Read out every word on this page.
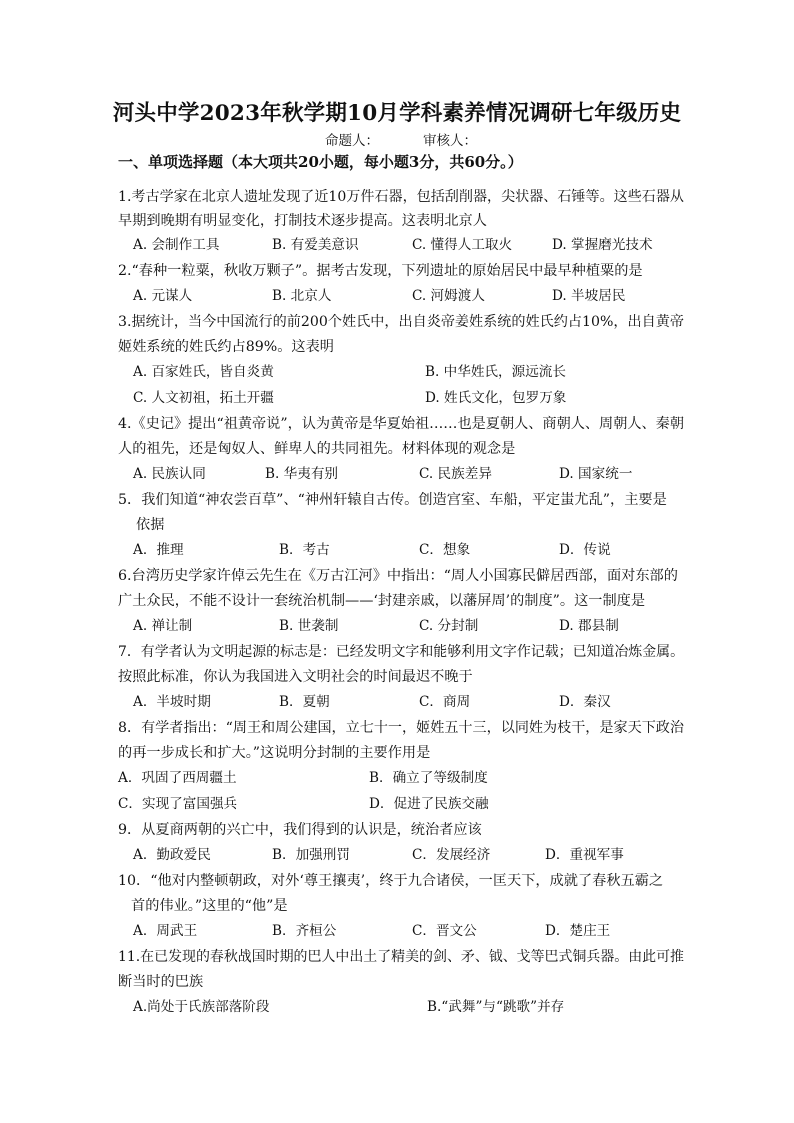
河头中学2023年秋学期10月学科素养情况调研七年级历史
命题人：	审核人：
一、单项选择题（本大项共20小题，每小题3分，共60分。）
1.考古学家在北京人遗址发现了近10万件石器，包括刮削器，尖状器、石锤等。这些石器从
早期到晚期有明显变化，打制技术逐步提高。这表明北京人
A. 会制作工具	B. 有爱美意识	C. 懂得人工取火	D. 掌握磨光技术
2.“春种一粒粟，秋收万颗子”。据考古发现，下列遗址的原始居民中最早种植粟的是
A. 元谋人	B. 北京人	C. 河姆渡人	D. 半坡居民
3.据统计，当今中国流行的前200个姓氏中，出自炎帝姜姓系统的姓氏约占10%，出自黄帝
姬姓系统的姓氏约占89%。这表明
A. 百家姓氏，皆自炎黄	B. 中华姓氏，源远流长
C. 人文初祖，拓土开疆	D. 姓氏文化，包罗万象
4.《史记》提出“祖黄帝说”，认为黄帝是华夏始祖……也是夏朝人、商朝人、周朝人、秦朝
人的祖先，还是匈奴人、鲜卑人的共同祖先。材料体现的观念是
A. 民族认同	B. 华夷有别	C. 民族差异	D. 国家统一
5．我们知道“神农尝百草”、“神州轩辕自古传。创造宫室、车船，平定蚩尤乱”，主要是
依据
A．推理	B．考古	C．想象	D．传说
6.台湾历史学家许倬云先生在《万古江河》中指出：“周人小国寡民僻居西部，面对东部的
广土众民，不能不设计一套统治机制——‘封建亲戚，以藩屏周’的制度”。这一制度是
A. 禅让制	B. 世袭制	C. 分封制	D. 郡县制
7．有学者认为文明起源的标志是：已经发明文字和能够利用文字作记载；已知道冶炼金属。
按照此标准，你认为我国进入文明社会的时间最迟不晚于
A．半坡时期	B．夏朝	C．商周	D．秦汉
8．有学者指出：“周王和周公建国，立七十一，姬姓五十三，以同姓为枝干，是家天下政治
的再一步成长和扩大。”这说明分封制的主要作用是
A．巩固了西周疆土	B．确立了等级制度
C．实现了富国强兵	D．促进了民族交融
9．从夏商两朝的兴亡中，我们得到的认识是，统治者应该
A．勤政爱民	B．加强刑罚	C．发展经济	D．重视军事
10．“他对内整顿朝政，对外‘尊王攘夷’，终于九合诸侯，一匡天下，成就了春秋五霸之
首的伟业。”这里的“他”是
A．周武王	B．齐桓公	C．晋文公	D．楚庄王
11.在已发现的春秋战国时期的巴人中出土了精美的剑、矛、钺、戈等巴式铜兵器。由此可推
断当时的巴族
A.尚处于氏族部落阶段	B.“武舞”与“跳歌”并存
